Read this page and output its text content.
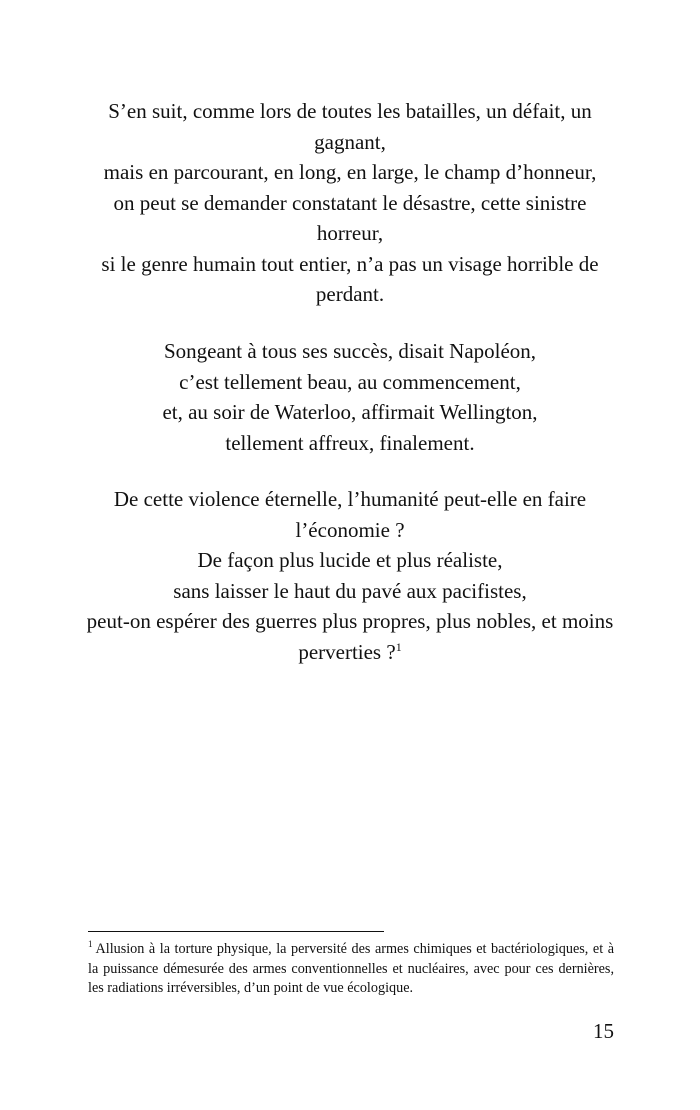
S’en suit, comme lors de toutes les batailles, un défait, un gagnant,
mais en parcourant, en long, en large, le champ d’honneur,
on peut se demander constatant le désastre, cette sinistre horreur,
si le genre humain tout entier, n’a pas un visage horrible de perdant.
Songeant à tous ses succès, disait Napoléon,
c’est tellement beau, au commencement,
et, au soir de Waterloo, affirmait Wellington,
tellement affreux, finalement.
De cette violence éternelle, l’humanité peut-elle en faire l’économie ?
De façon plus lucide et plus réaliste,
sans laisser le haut du pavé aux pacifistes,
peut-on espérer des guerres plus propres, plus nobles, et moins perverties ?$^1$
$^1$ Allusion à la torture physique, la perversité des armes chimiques et bactériologiques, et à la puissance démesurée des armes conventionnelles et nucléaires, avec pour ces dernières, les radiations irréversibles, d’un point de vue écologique.
15
